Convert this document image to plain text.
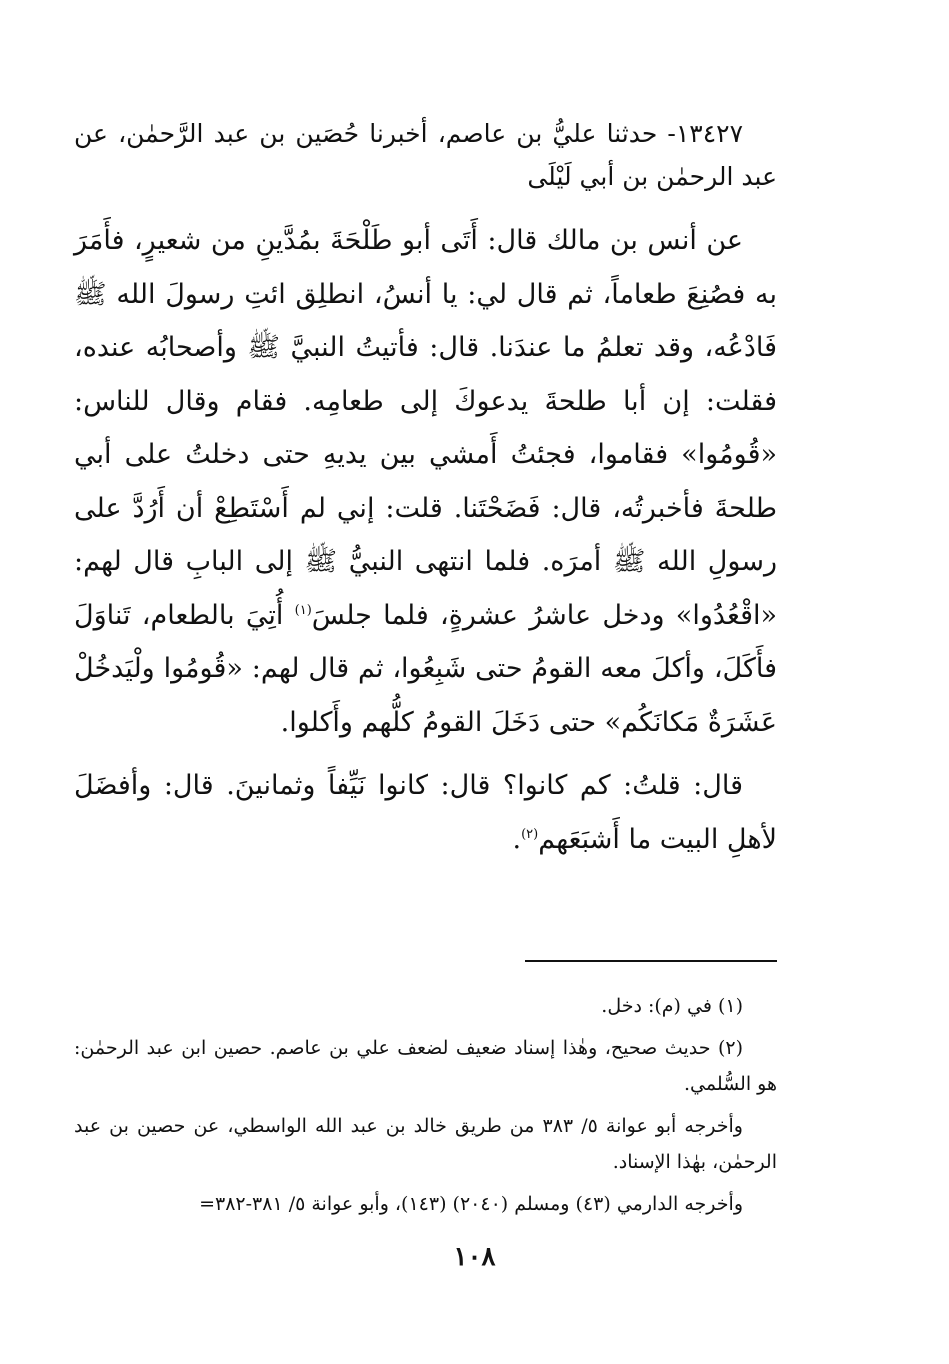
١٣٤٢٧- حدثنا عليُّ بن عاصم، أخبرنا حُصَين بن عبد الرَّحمٰن، عن عبد الرحمٰن بن أبي لَيْلَى

عن أنس بن مالك قال: أَتَى أبو طَلْحَةَ بمُدَّينِ من شعيرٍ، فأَمَرَ به فصُنِعَ طعاماً، ثم قال لي: يا أنسُ، انطلِق ائتِ رسولَ الله ﷺ فَادْعُه، وقد تعلمُ ما عندَنا. قال: فأتيتُ النبيَّ ﷺ وأصحابُه عنده، فقلت: إن أبا طلحةَ يدعوكَ إلى طعامِه. فقام وقال للناس: «قُومُوا» فقاموا، فجئتُ أَمشي بين يديهِ حتى دخلتُ على أبي طلحةَ فأخبرتُه، قال: فَضَحْتَنا. قلت: إني لم أَسْتَطِعْ أن أَرُدَّ على رسولِ الله ﷺ أمرَه. فلما انتهى النبيُّ ﷺ إلى البابِ قال لهم: «اقْعُدُوا» ودخل عاشرُ عشرةٍ، فلما جلسَ$^{(١)}$ أُتِيَ بالطعام، تَناوَلَ فأَكَلَ، وأكلَ معه القومُ حتى شَبِعُوا، ثم قال لهم: «قُومُوا ولْيَدخُلْ عَشَرَةٌ مَكانَكُم» حتى دَخَلَ القومُ كلُّهم وأَكلوا.

قال: قلتُ: كم كانوا؟ قال: كانوا نَيِّفاً وثمانينَ. قال: وأفضَلَ لأهلِ البيت ما أَشبَعَهم$^{(٢)}$.

(١) في (م): دخل.

(٢) حديث صحيح، وهٰذا إسناد ضعيف لضعف علي بن عاصم. حصين ابن عبد الرحمٰن: هو السُّلمي.

وأخرجه أبو عوانة ٥/ ٣٨٣ من طريق خالد بن عبد الله الواسطي، عن حصين بن عبد الرحمٰن، بهٰذا الإسناد.

وأخرجه الدارمي (٤٣) ومسلم (٢٠٤٠) (١٤٣)، وأبو عوانة ٥/ ٣٨١-٣٨٢=

١٠٨
